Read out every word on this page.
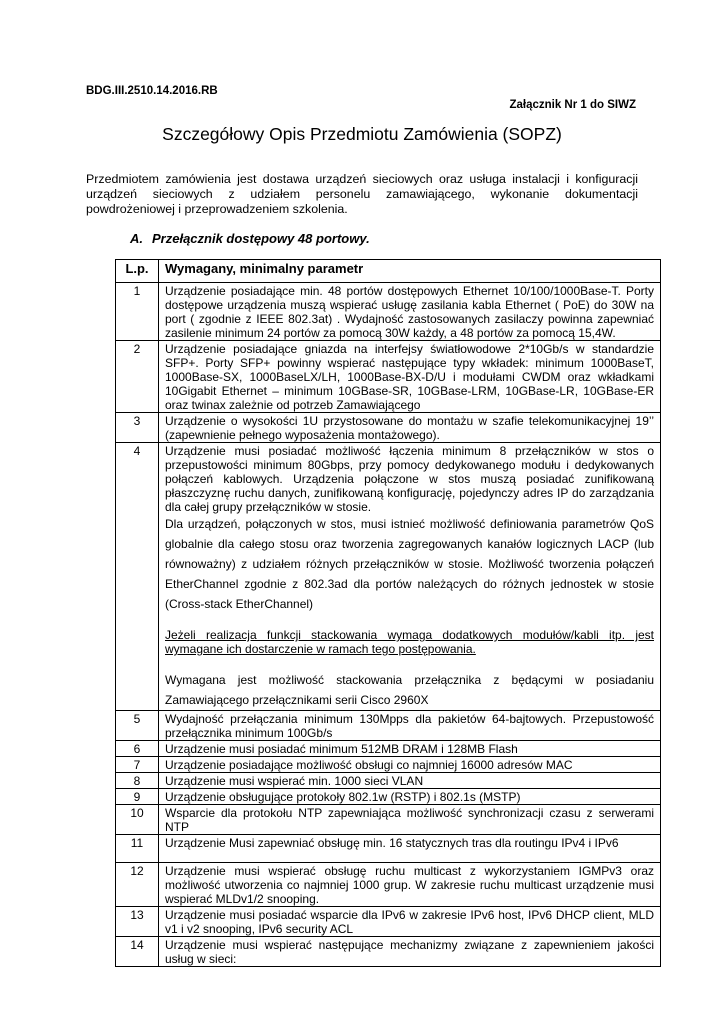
BDG.III.2510.14.2016.RB
Załącznik Nr 1 do SIWZ
Szczegółowy Opis Przedmiotu Zamówienia (SOPZ)
Przedmiotem zamówienia jest dostawa urządzeń sieciowych oraz usługa instalacji i konfiguracji urządzeń sieciowych z udziałem personelu zamawiającego, wykonanie dokumentacji powdrożeniowej i przeprowadzeniem szkolenia.
A. Przełącznik dostępowy 48 portowy.
L.p.	Wymagany, minimalny parametr
1	Urządzenie posiadające min. 48 portów dostępowych Ethernet 10/100/1000Base-T. Porty dostępowe urządzenia muszą wspierać usługę zasilania kabla Ethernet ( PoE) do 30W na port ( zgodnie z IEEE 802.3at) . Wydajność zastosowanych zasilaczy powinna zapewniać zasilenie minimum 24 portów za pomocą 30W każdy, a 48 portów za pomocą 15,4W.
2	Urządzenie posiadające gniazda na interfejsy światłowodowe 2*10Gb/s w standardzie SFP+. Porty SFP+ powinny wspierać następujące typy wkładek: minimum 1000BaseT, 1000Base-SX, 1000BaseLX/LH, 1000Base-BX-D/U i modułami CWDM oraz wkładkami 10Gigabit Ethernet – minimum 10GBase-SR, 10GBase-LRM, 10GBase-LR, 10GBase-ER oraz twinax zależnie od potrzeb Zamawiającego
3	Urządzenie o wysokości 1U przystosowane do montażu w szafie telekomunikacyjnej 19’’ (zapewnienie pełnego wyposażenia montażowego).
4	Urządzenie musi posiadać możliwość łączenia minimum 8 przełączników w stos o przepustowości minimum 80Gbps, przy pomocy dedykowanego modułu i dedykowanych połączeń kablowych. Urządzenia połączone w stos muszą posiadać zunifikowaną płaszczyznę ruchu danych, zunifikowaną konfigurację, pojedynczy adres IP do zarządzania dla całej grupy przełączników w stosie.
Dla urządzeń, połączonych w stos, musi istnieć możliwość definiowania parametrów QoS globalnie dla całego stosu oraz tworzenia zagregowanych kanałów logicznych LACP (lub równoważny) z udziałem różnych przełączników w stosie. Możliwość tworzenia połączeń EtherChannel zgodnie z 802.3ad dla portów należących do różnych jednostek w stosie (Cross-stack EtherChannel)
Jeżeli realizacja funkcji stackowania wymaga dodatkowych modułów/kabli itp. jest wymagane ich dostarczenie w ramach tego postępowania.
Wymagana jest możliwość stackowania przełącznika z będącymi w posiadaniu Zamawiającego przełącznikami serii Cisco 2960X

5	Wydajność przełączania minimum 130Mpps dla pakietów 64-bajtowych. Przepustowość przełącznika minimum 100Gb/s
6	Urządzenie musi posiadać minimum 512MB DRAM i 128MB Flash
7	Urządzenie posiadające możliwość obsługi co najmniej 16000 adresów MAC
8	Urządzenie musi wspierać min. 1000 sieci VLAN
9	Urządzenie obsługujące protokoły 802.1w (RSTP) i 802.1s (MSTP)
10	Wsparcie dla protokołu NTP zapewniająca możliwość synchronizacji czasu z serwerami NTP
11	Urządzenie Musi zapewniać obsługę min. 16 statycznych tras dla routingu IPv4 i IPv6

12	Urządzenie musi wspierać obsługę ruchu multicast z wykorzystaniem IGMPv3 oraz możliwość utworzenia co najmniej 1000 grup. W zakresie ruchu multicast urządzenie musi wspierać MLDv1/2 snooping.
13	Urządzenie musi posiadać wsparcie dla IPv6 w zakresie IPv6 host, IPv6 DHCP client, MLD v1 i v2 snooping, IPv6 security ACL
14	Urządzenie musi wspierać następujące mechanizmy związane z zapewnieniem jakości usług w sieci:
